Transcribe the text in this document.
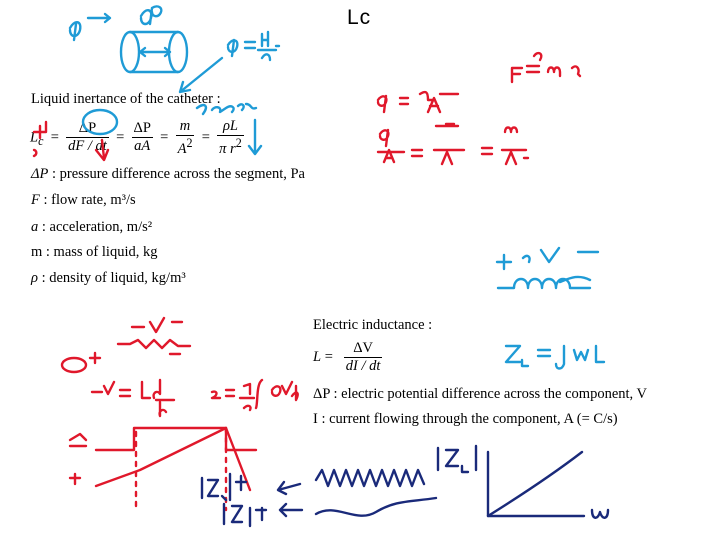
Lc
Liquid inertance of the catheter :
$L_c = \frac{\Delta P}{dF / dt} = \frac{\Delta P}{aA} = \frac{m}{A^2} = \frac{\rho L}{\pi r^2}$
ΔP : pressure difference across the segment, Pa
F : flow rate, m³/s
a : acceleration, m/s²
m : mass of liquid, kg
ρ : density of liquid, kg/m³
Electric inductance :
$L = \frac{\Delta V}{dI / dt}$
ΔP : electric potential difference across the component, V
I : current flowing through the component, A (= C/s)
